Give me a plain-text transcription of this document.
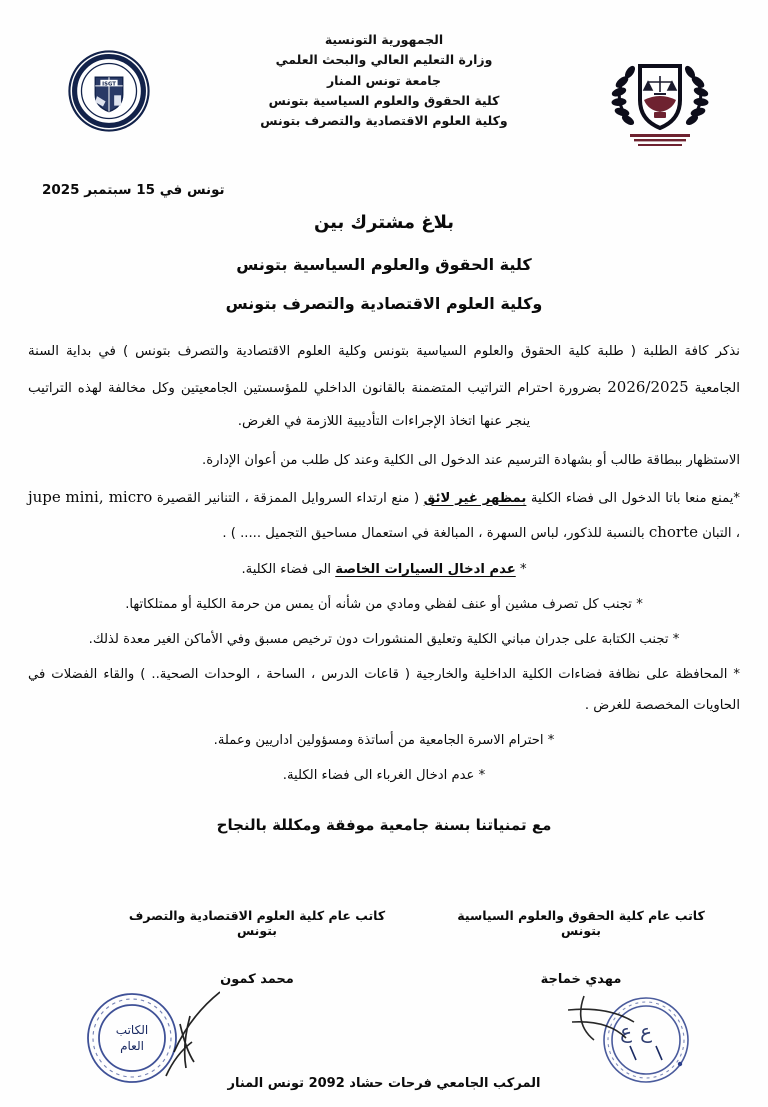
ISGT
الجمهورية التونسية
وزارة التعليم العالي والبحث العلمي
جامعة تونس المنار
كلية الحقوق والعلوم السياسية بتونس
وكلية العلوم الاقتصادية والتصرف بتونس
تونس في 15 سبتمبر 2025
بلاغ مشترك بين
كلية الحقوق والعلوم السياسية بتونس
وكلية العلوم الاقتصادية والتصرف بتونس

نذكر كافة الطلبة ( طلبة كلية الحقوق والعلوم السياسية بتونس وكلية العلوم الاقتصادية والتصرف بتونس ) في بداية السنة الجامعية 2026/2025 بضرورة احترام التراتيب المتضمنة بالقانون الداخلي للمؤسستين الجامعيتين وكل مخالفة لهذه التراتيب ينجر عنها اتخاذ الإجراءات التأديبية اللازمة في الغرض.

الاستظهار ببطاقة طالب أو بشهادة الترسيم عند الدخول الى الكلية وعند كل طلب من أعوان الإدارة.
*يمنع منعا باتا الدخول الى فضاء الكلية بمظهر غير لائق ( منع ارتداء السروايل الممزقة ، التنانير القصيرة mini, micro jupe ، التبان chorte بالنسبة للذكور، لباس السهرة ، المبالغة في استعمال مساحيق التجميل ..... ) .
* عدم ادخال السيارات الخاصة الى فضاء الكلية.
* تجنب كل تصرف مشين أو عنف لفظي ومادي من شأنه أن يمس من حرمة الكلية أو ممتلكاتها.
* تجنب الكتابة على جدران مباني الكلية وتعليق المنشورات دون ترخيص مسبق وفي الأماكن الغير معدة لذلك.
* المحافظة على نظافة فضاءات الكلية الداخلية والخارجية ( قاعات الدرس ، الساحة ، الوحدات الصحية.. ) والقاء الفضلات في الحاويات المخصصة للغرض .
* احترام الاسرة الجامعية من أساتذة ومسؤولين اداريين وعملة.
* عدم ادخال الغرباء الى فضاء الكلية.
مع تمنياتنا بسنة جامعية موفقة ومكللة بالنجاح
كاتب عام كلية الحقوق والعلوم السياسية بتونس
مهدي خماجة
كاتب عام كلية العلوم الاقتصادية والتصرف بتونس
محمد كمون
ع ع
الكاتب
العام
المركب الجامعي فرحات حشاد 2092 تونس المنار
